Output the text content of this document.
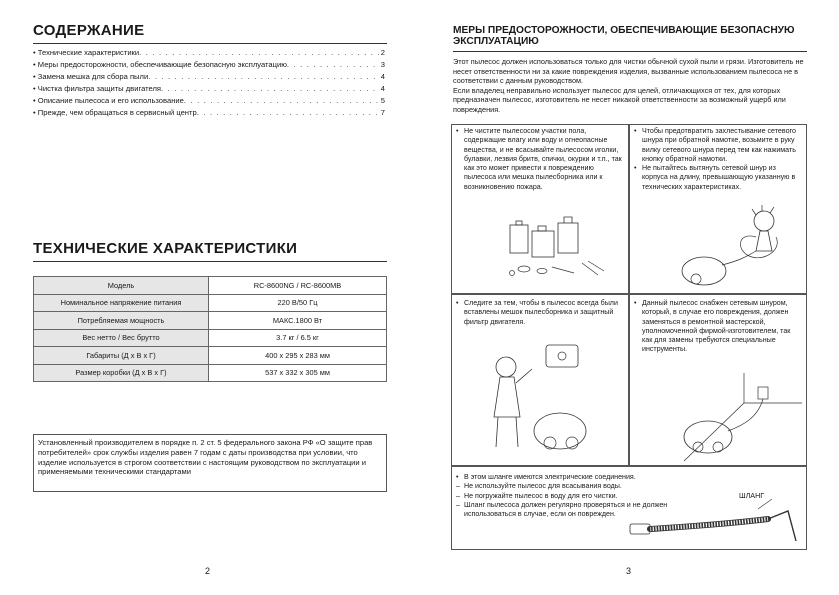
СОДЕРЖАНИЕ
• Технические характеристики . . .	2
• Меры предосторожности, обеспечивающие безопасную эксплуатацию . . .	3
• Замена мешка для сбора пыли . . .	4
• Чистка фильтра защиты двигателя . . .	4
• Описание пылесоса и его использование . . .	5
• Прежде, чем обращаться в сервисный центр . . .	7
ТЕХНИЧЕСКИЕ ХАРАКТЕРИСТИКИ
Модель	RC-8600NG / RC-8600MB
Номинальное напряжение питания	220 В/50 Гц
Потребляемая мощность	МАКС.1800 Вт
Вес нетто / Вес брутто	3.7 кг / 6.5 кг
Габариты (Д x В x Г)	400 x 295 x 283 мм
Размер коробки (Д x В x Г)	537 x 332 x 305 мм
Установленный производителем в порядке п. 2 ст. 5 федерального закона РФ «О защите прав потребителей» срок службы изделия равен 7 годам с даты производства при условии, что изделие используется в строгом соответствии с настоящим руководством по эксплуатации и применяемыми техническими стандартами
2
МЕРЫ ПРЕДОСТОРОЖНОСТИ, ОБЕСПЕЧИВАЮЩИЕ БЕЗОПАСНУЮ ЭКСПЛУАТАЦИЮ

Этот пылесос должен использоваться только для чистки обычной сухой пыли и грязи. Изготовитель не несет ответственности ни за какие повреждения изделия, вызванные использованием пылесоса не в соответствии с данным руководством.

Если владелец неправильно использует пылесос для целей, отличающихся от тех, для которых предназначен пылесос, изготовитель не несет никакой ответственности за возможный ущерб или повреждения.

• Не чистите пылесосом участки пола, содержащие влагу или воду и огнеопасные вещества, и не всасывайте пылесосом иголки, булавки, лезвия бритв, спички, окурки и т.п., так как это может привести к повреждению пылесоса или мешка пылесборника или к возникновению пожара.
• Чтобы предотвратить захлестывание сетевого шнура при обратной намотке, возьмите в руку вилку сетевого шнура перед тем как нажимать кнопку обратной намотки.
• Не пытайтесь вытянуть сетевой шнур из корпуса на длину, превышающую указанную в технических характеристиках.
• Следите за тем, чтобы в пылесос всегда были вставлены мешок пылесборника и защитный фильтр двигателя.
• Данный пылесос снабжен сетевым шнуром, который, в случае его повреждения, должен заменяться в ремонтной мастерской, уполномоченной фирмой-изготовителем, так как для замены требуются специальные инструменты.
• В этом шланге имеются электрические соединения.
– Не используйте пылесос для всасывания воды.
– Не погружайте пылесос в воду для его чистки.
– Шланг пылесоса должен регулярно проверяться и не должен использоваться в случае, если он поврежден.
ШЛАНГ
3
